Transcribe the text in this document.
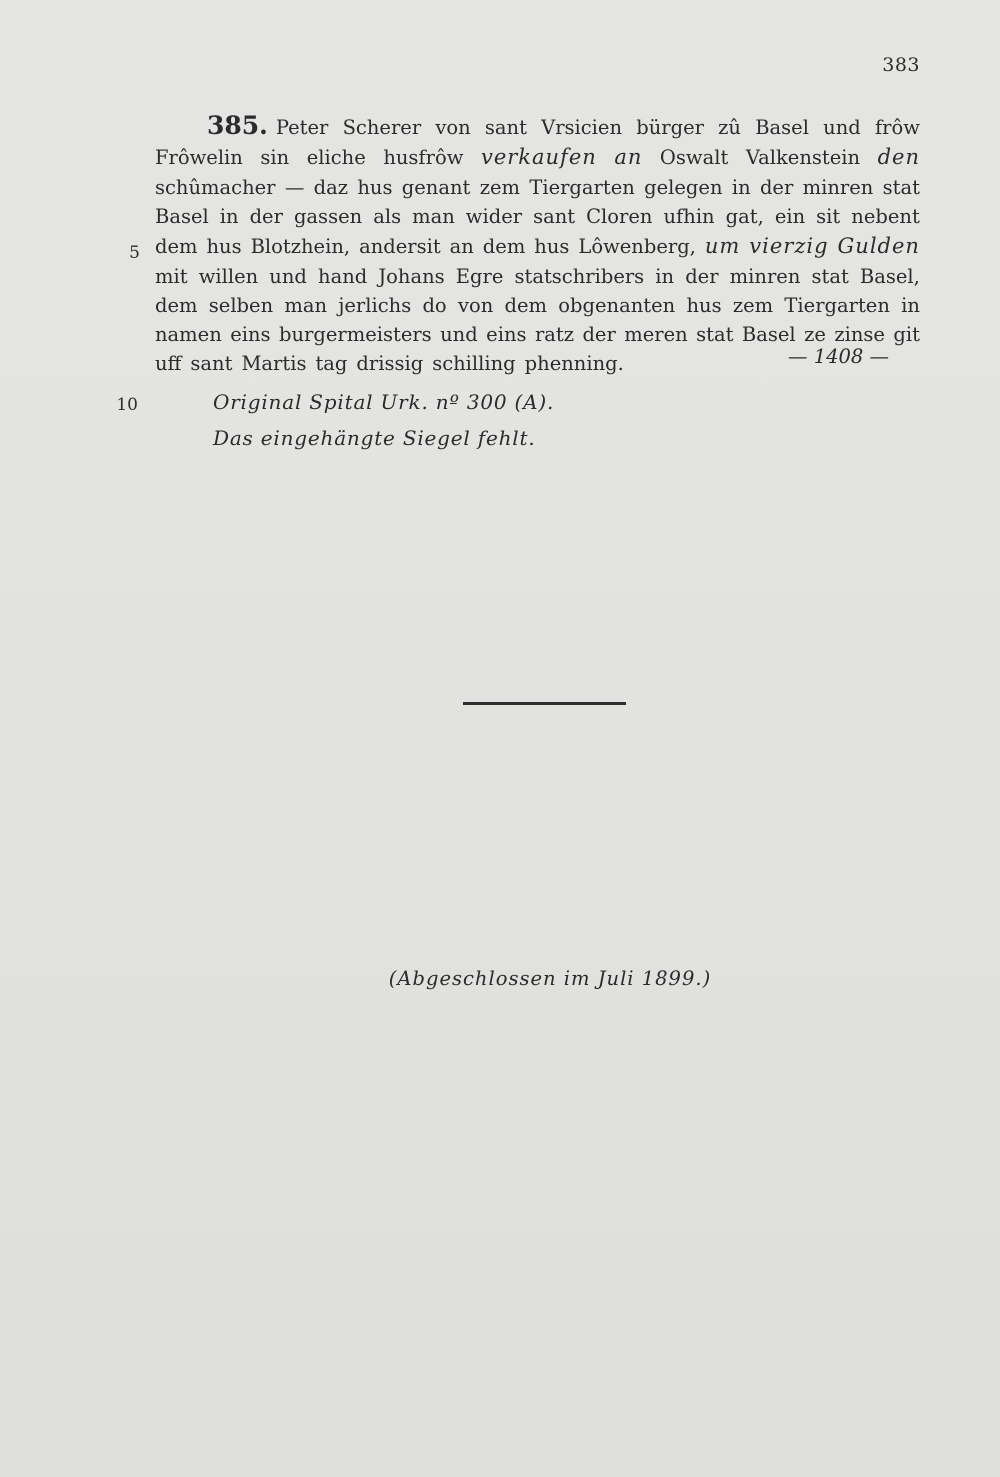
383
385. Peter Scherer von sant Vrsicien bürger zû Basel und frôw
Frôwelin sin eliche husfrôw verkaufen an Oswalt Valkenstein den
schûmacher — daz hus genant zem Tiergarten gelegen in der minren stat
Basel in der gassen als man wider sant Cloren ufhin gat, ein sit nebent
dem hus Blotzhein, andersit an dem hus Lôwenberg, um vierzig Gulden
mit willen und hand Johans Egre statschribers in der minren stat Basel,
dem selben man jerlichs do von dem obgenanten hus zem Tiergarten in
namen eins burgermeisters und eins ratz der meren stat Basel ze zinse git
uff sant Martis tag drissig schilling phenning.	— 1408 —
5
10	Original Spital Urk. nº 300 (A).
Das eingehängte Siegel fehlt.
(Abgeschlossen im Juli 1899.)
